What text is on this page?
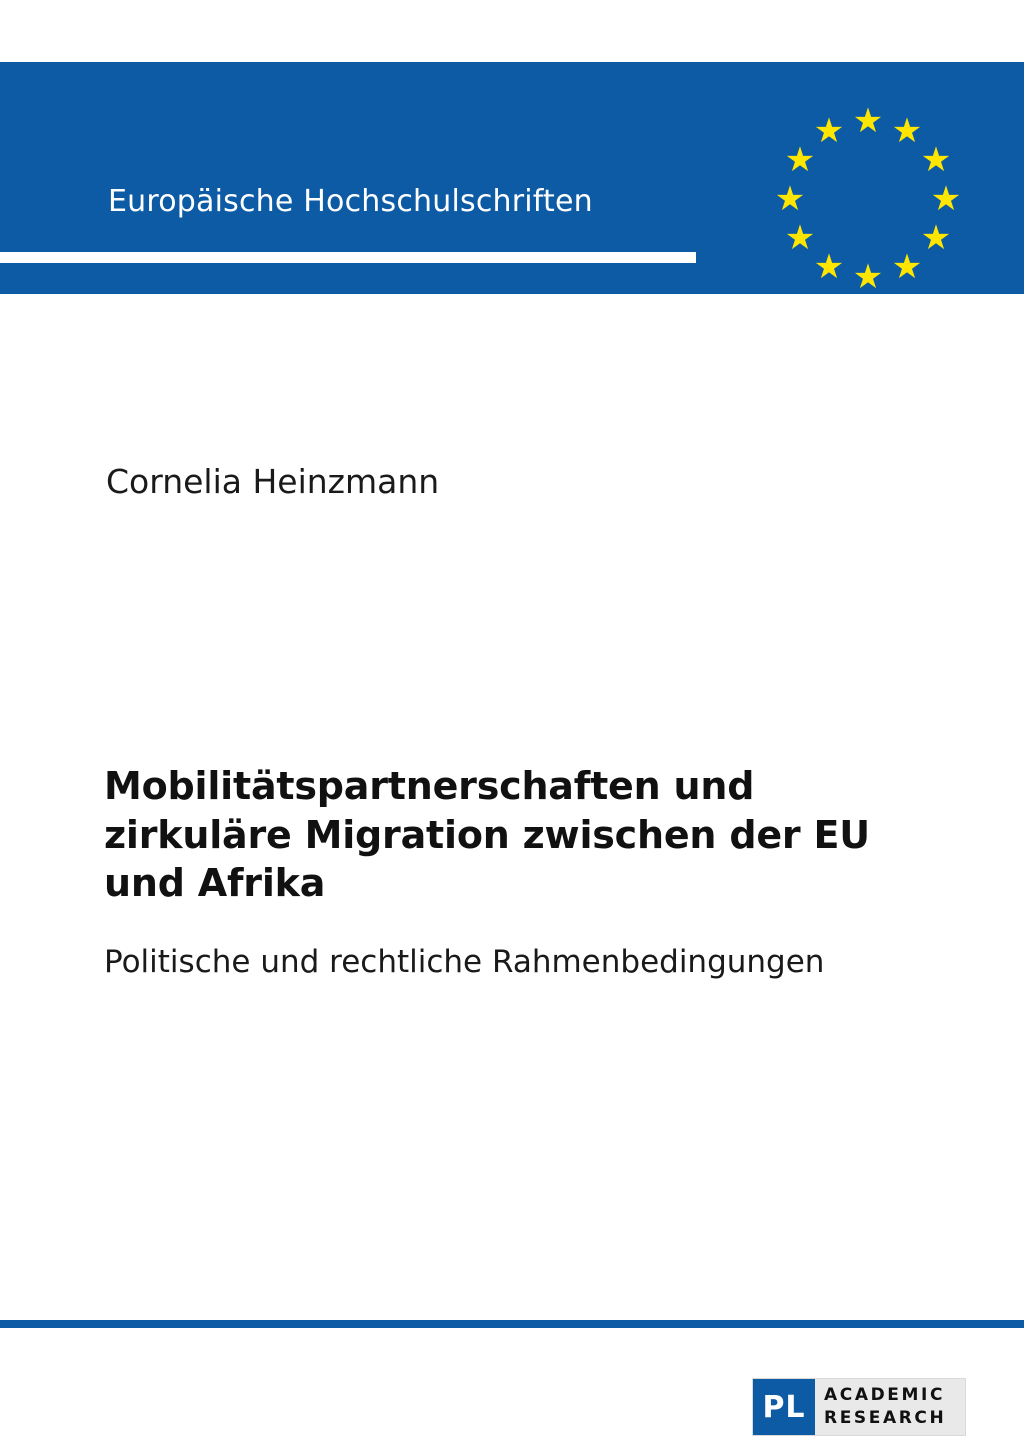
Europäische Hochschulschriften
Rechtswissenschaft
★ ★
★
★
★
★
★
★
★
★
★
★
Cornelia Heinzmann
Mobilitätspartnerschaften und zirkuläre Migration zwischen der EU und Afrika
Politische und rechtliche Rahmenbedingungen
PL	ACADEMIC
RESEARCH
